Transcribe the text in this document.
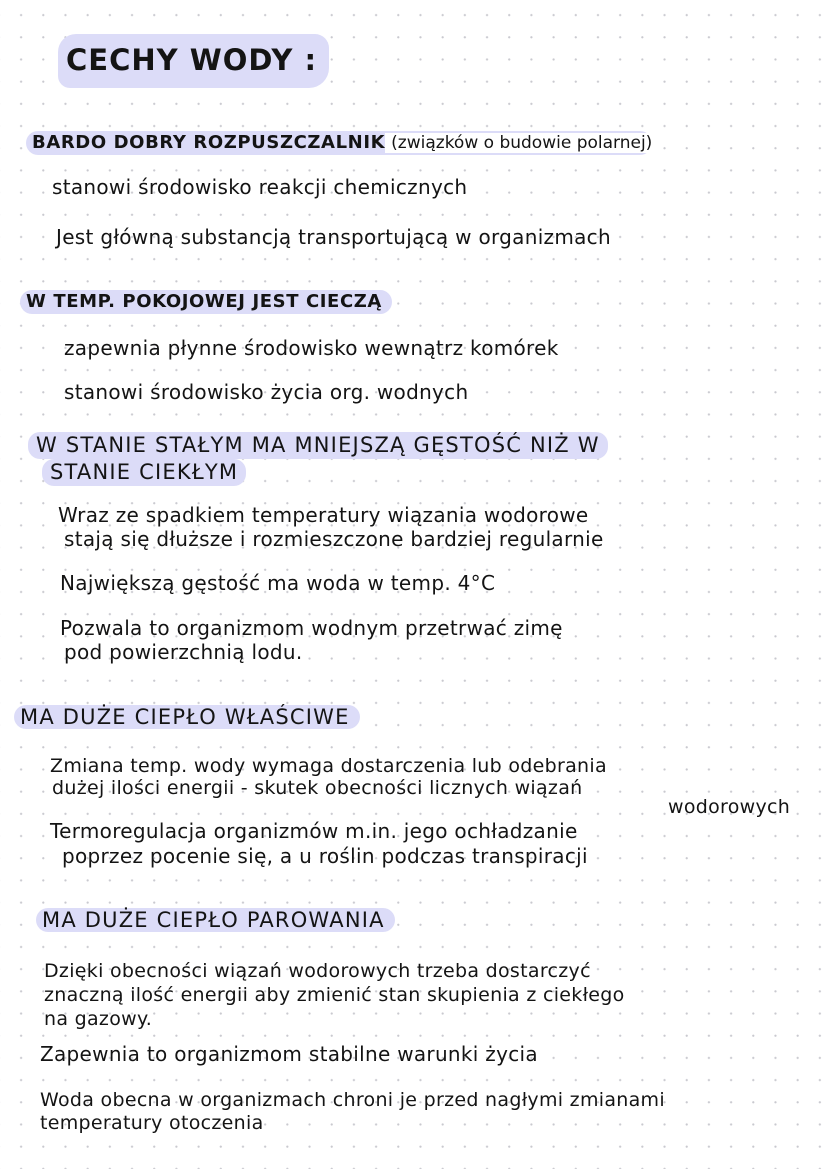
CECHY WODY :
BARDO DOBRY ROZPUSZCZALNIK (związków o budowie polarnej)
stanowi środowisko reakcji chemicznych
Jest główną substancją transportującą w organizmach
W TEMP. POKOJOWEJ JEST CIECZĄ
zapewnia płynne środowisko wewnątrz komórek
stanowi środowisko życia org. wodnych
W STANIE STAŁYM MA MNIEJSZĄ GĘSTOŚĆ NIŻ W
STANIE CIEKŁYM
Wraz ze spadkiem temperatury wiązania wodorowe
stają się dłuższe i rozmieszczone bardziej regularnie
Największą gęstość ma woda w temp. 4°C
Pozwala to organizmom wodnym przetrwać zimę
pod powierzchnią lodu.
MA DUŻE CIEPŁO WŁAŚCIWE
Zmiana temp. wody wymaga dostarczenia lub odebrania
dużej ilości energii - skutek obecności licznych wiązań
wodorowych
Termoregulacja organizmów m.in. jego ochładzanie
poprzez pocenie się, a u roślin podczas transpiracji
MA DUŻE CIEPŁO PAROWANIA
Dzięki obecności wiązań wodorowych trzeba dostarczyć
znaczną ilość energii aby zmienić stan skupienia z ciekłego
na gazowy.
Zapewnia to organizmom stabilne warunki życia
Woda obecna w organizmach chroni je przed nagłymi zmianami
temperatury otoczenia
